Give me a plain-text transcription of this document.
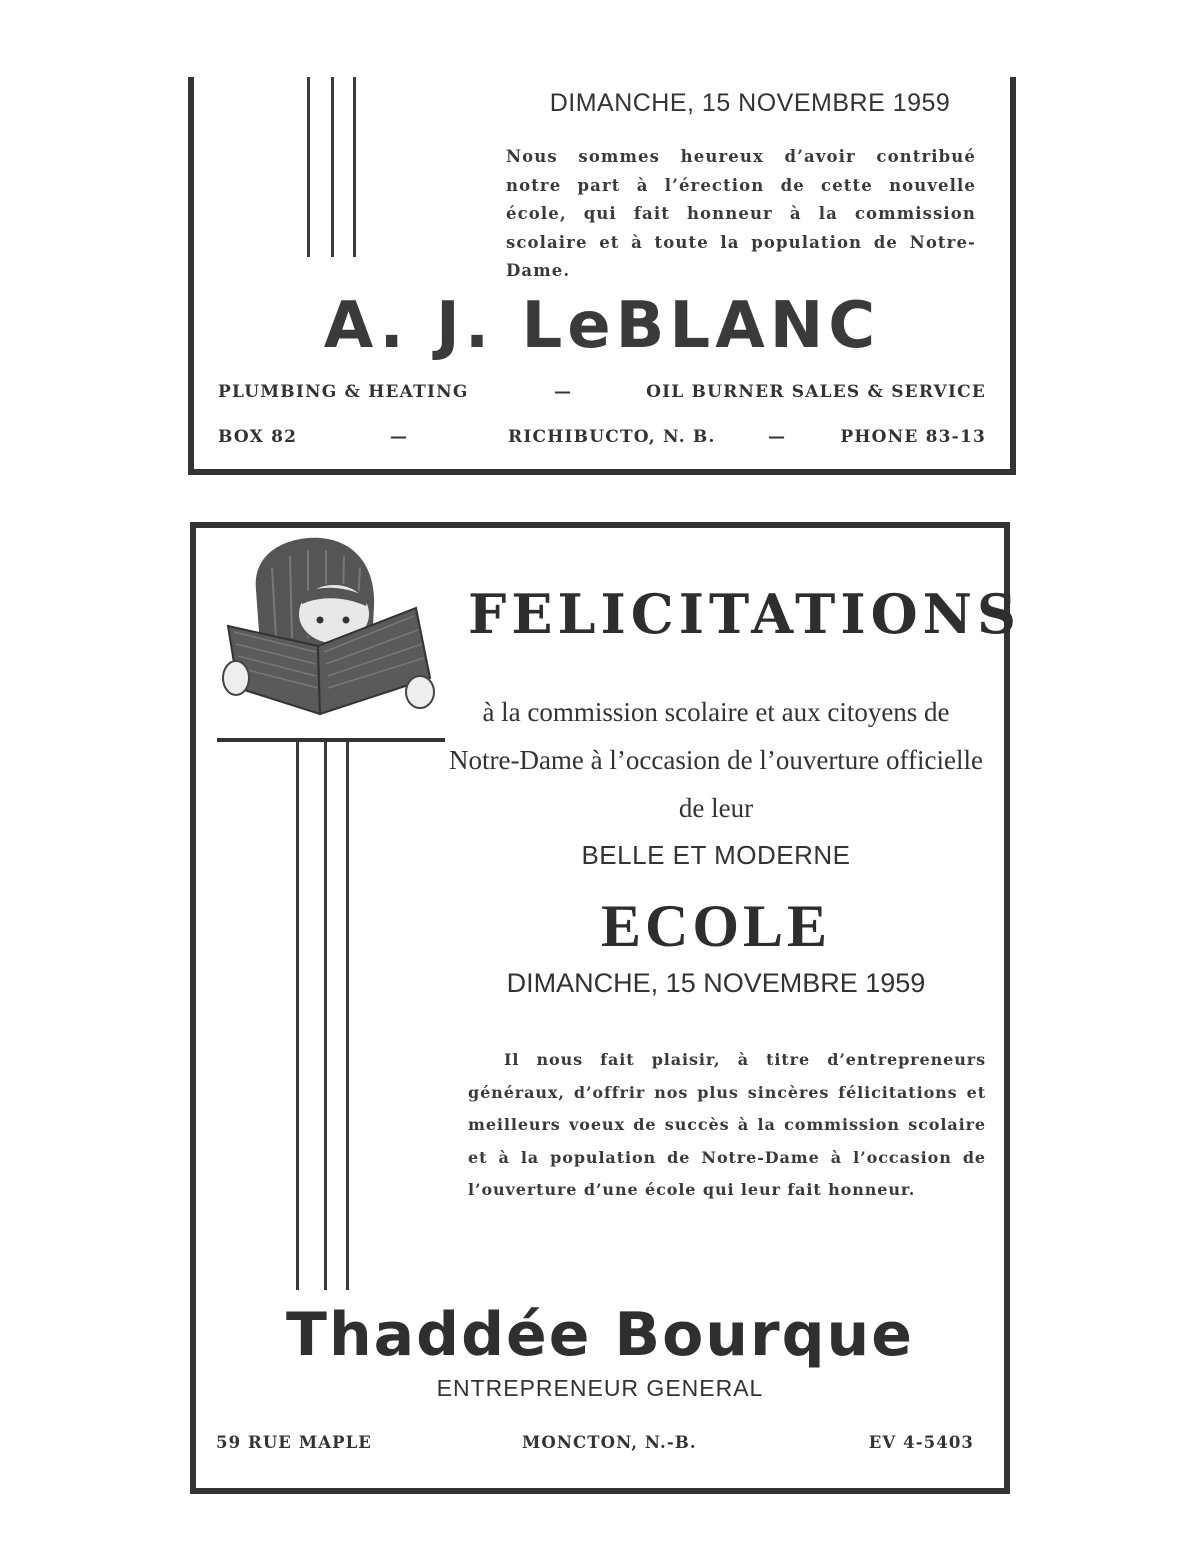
DIMANCHE, 15 NOVEMBRE 1959
Nous sommes heureux d’avoir contribué notre part à l’érection de cette nouvelle école, qui fait honneur à la commission scolaire et à toute la population de Notre-Dame.
A. J. LeBLANC
PLUMBING & HEATING	—	OIL BURNER SALES & SERVICE
BOX 82	—	RICHIBUCTO, N. B.	—	PHONE 83-13
FELICITATIONS
à la commission scolaire et aux citoyens de
Notre-Dame à l’occasion de l’ouverture officielle
de leur
BELLE ET MODERNE
ECOLE
DIMANCHE, 15 NOVEMBRE 1959
Il nous fait plaisir, à titre d’entrepreneurs généraux, d’offrir nos plus sincères félicitations et meilleurs voeux de succès à la commission scolaire et à la population de Notre-Dame à l’occasion de l’ouverture d’une école qui leur fait honneur.
Thaddée Bourque
ENTREPRENEUR GENERAL
59 RUE MAPLE	MONCTON, N.-B.	EV 4-5403
